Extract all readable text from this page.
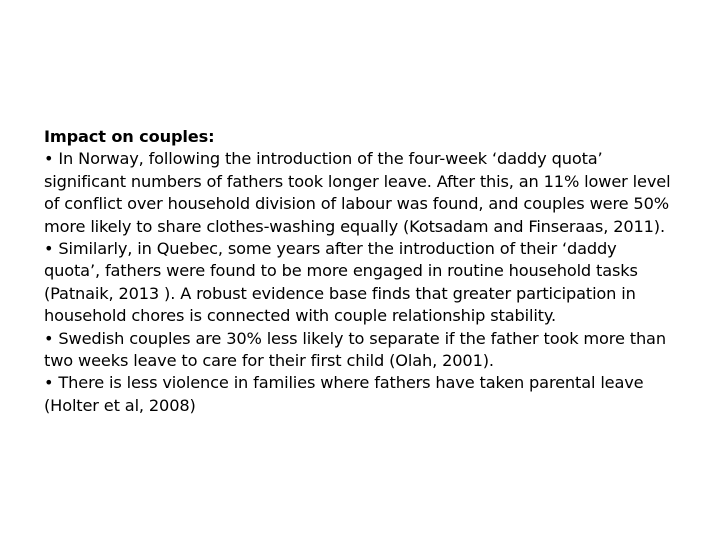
Impact on couples:

• In Norway, following the introduction of the four-week ‘daddy quota’ significant numbers of fathers took longer leave. After this, an 11% lower level of conflict over household division of labour was found, and couples were 50% more likely to share clothes-washing equally (Kotsadam and Finseraas, 2011).

• Similarly, in Quebec, some years after the introduction of their ‘daddy quota’, fathers were found to be more engaged in routine household tasks (Patnaik, 2013 ). A robust evidence base finds that greater participation in household chores is connected with couple relationship stability.

• Swedish couples are 30% less likely to separate if the father took more than two weeks leave to care for their first child (Olah, 2001).

• There is less violence in families where fathers have taken parental leave (Holter et al, 2008)
